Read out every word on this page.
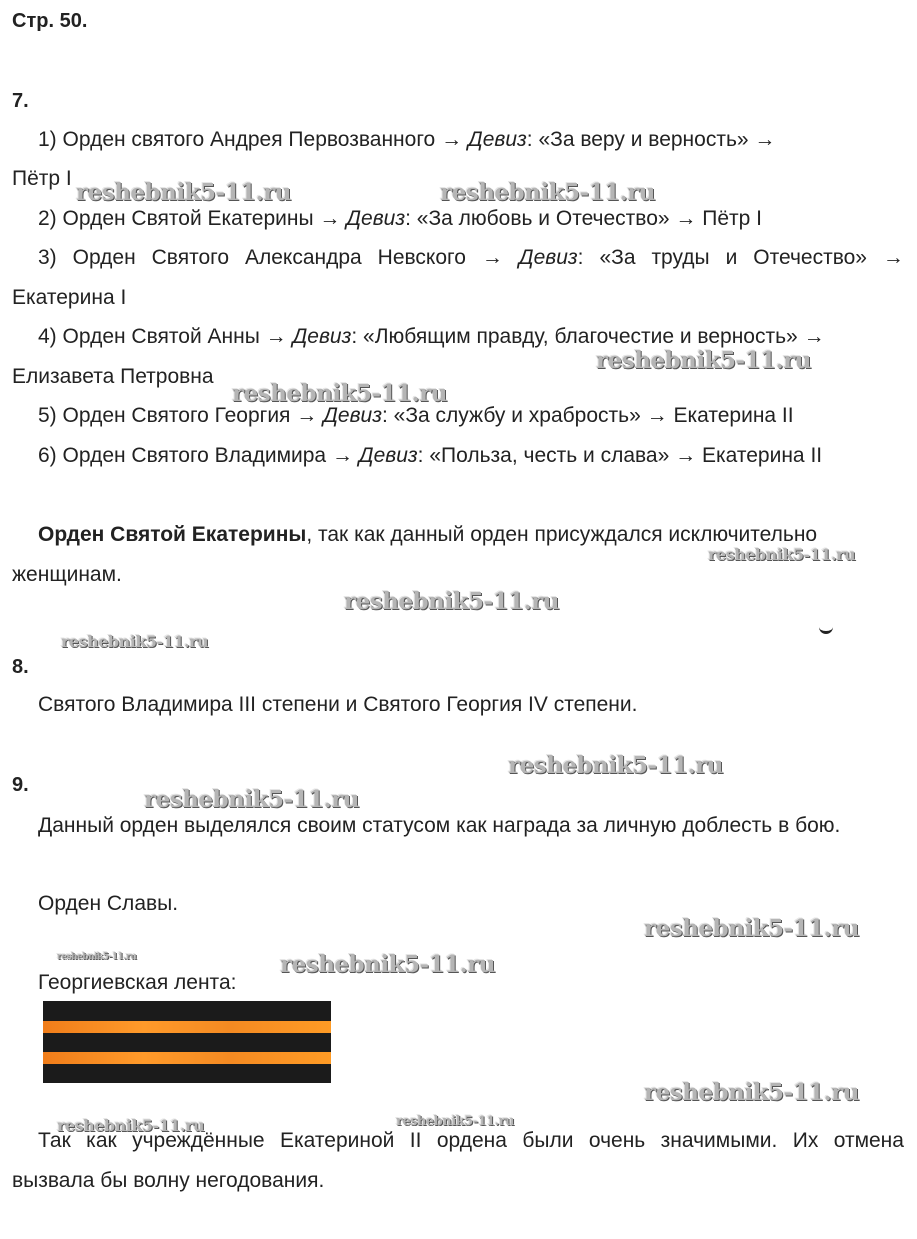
Стр. 50.
7.
1) Орден святого Андрея Первозванного → Девиз: «За веру и верность» →
Пётр I
2) Орден Святой Екатерины → Девиз: «За любовь и Отечество» → Пётр I
3) Орден Святого Александра Невского → Девиз: «За труды и Отечество» →
Екатерина I
4) Орден Святой Анны → Девиз: «Любящим правду, благочестие и верность» →
Елизавета Петровна
5) Орден Святого Георгия → Девиз: «За службу и храбрость» → Екатерина II
6) Орден Святого Владимира → Девиз: «Польза, честь и слава» → Екатерина II
Орден Святой Екатерины, так как данный орден присуждался исключительно
женщинам.
8.
Святого Владимира III степени и Святого Георгия IV степени.
9.
Данный орден выделялся своим статусом как награда за личную доблесть в бою.
Орден Славы.
Георгиевская лента:
Так как учреждённые Екатериной II ордена были очень значимыми. Их отмена
вызвала бы волну негодования.
reshebnik5-11.ru	reshebnik5-11.ru
reshebnik5-11.ru
reshebnik5-11.ru
reshebnik5-11.ru
reshebnik5-11.ru
reshebnik5-11.ru
reshebnik5-11.ru
reshebnik5-11.ru
reshebnik5-11.ru
reshebnik5-11.ru	reshebnik5-11.ru
reshebnik5-11.ru
reshebnik5-11.ru	reshebnik5-11.ru
